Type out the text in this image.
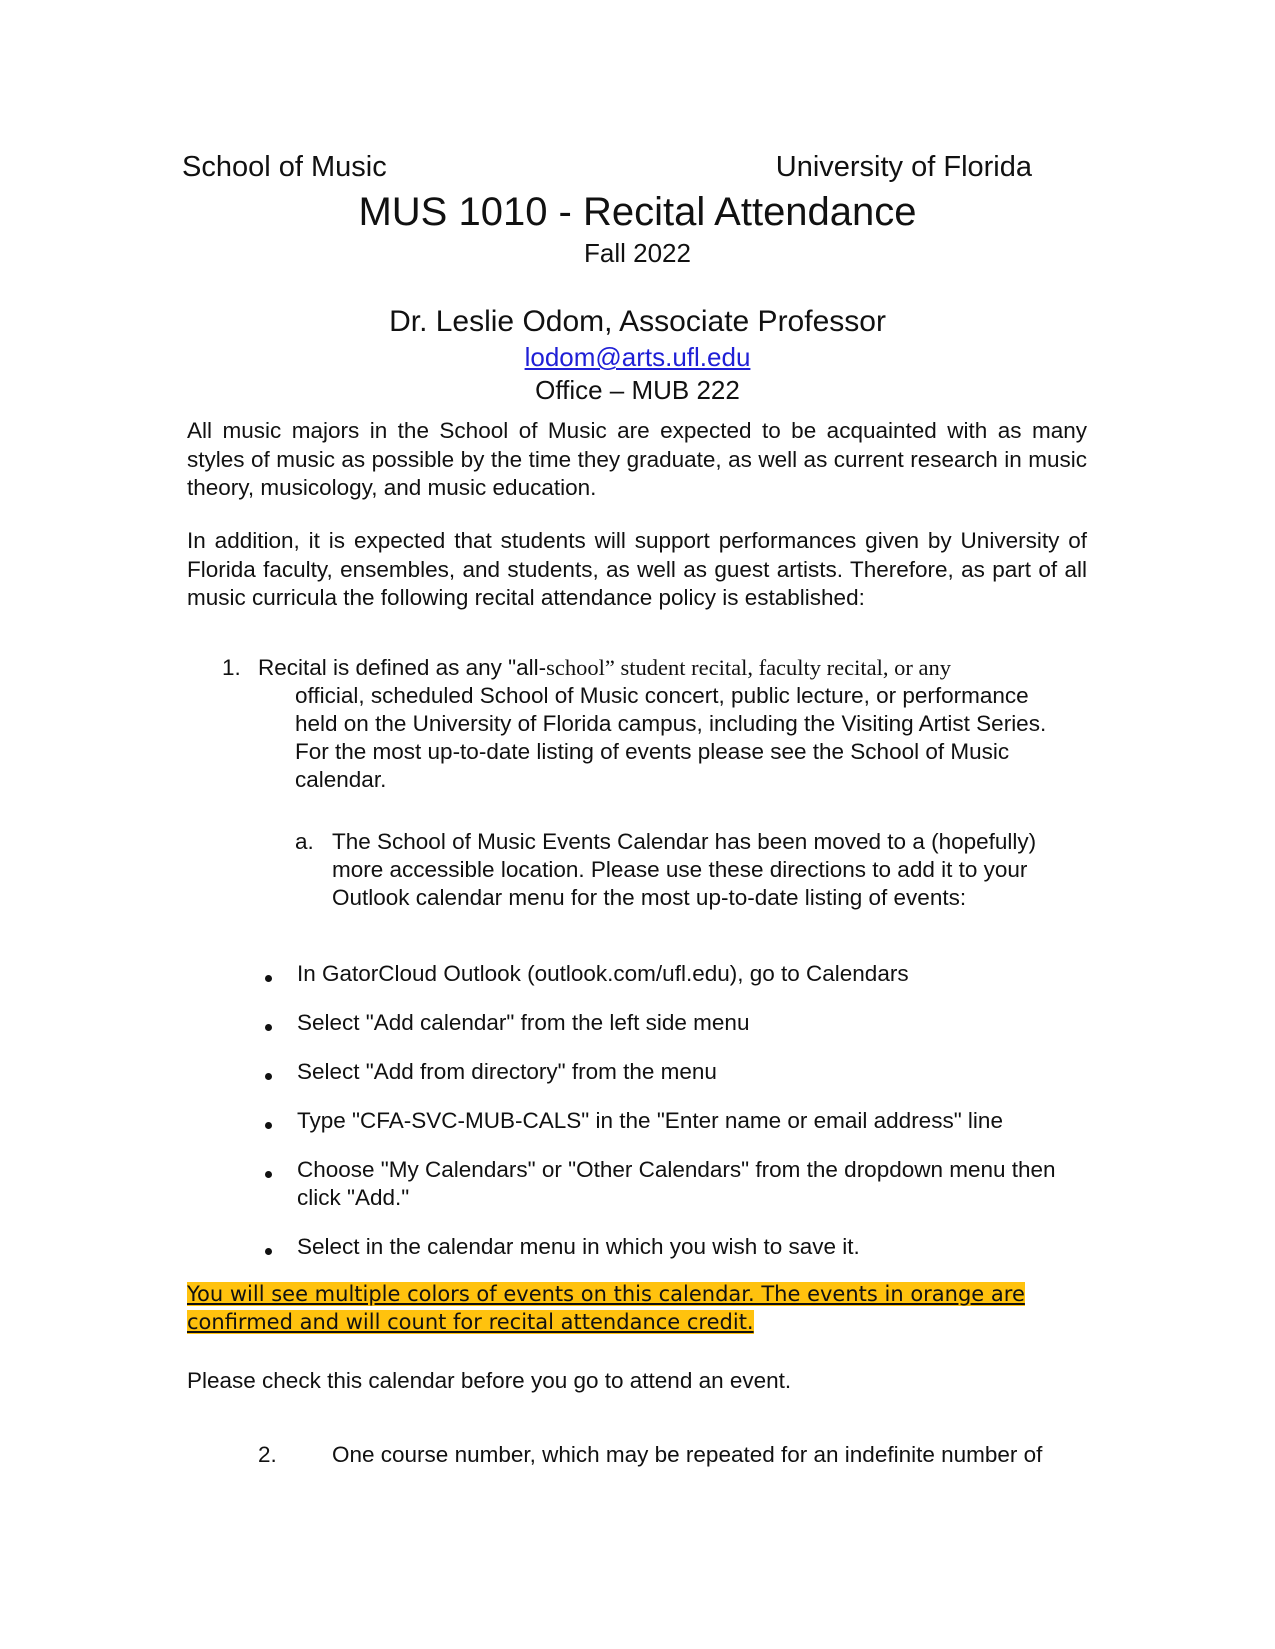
School of Music	University of Florida
MUS 1010 - Recital Attendance
Fall 2022
Dr. Leslie Odom, Associate Professor
lodom@arts.ufl.edu
Office – MUB 222
All music majors in the School of Music are expected to be acquainted with as many
styles of music as possible by the time they graduate, as well as current research in music
theory, musicology, and music education.
In addition, it is expected that students will support performances given by University of
Florida faculty, ensembles, and students, as well as guest artists. Therefore, as part of all
music curricula the following recital attendance policy is established:
1. Recital is defined as any "all-school” student recital, faculty recital, or any
official, scheduled School of Music concert, public lecture, or performance
held on the University of Florida campus, including the Visiting Artist Series.
For the most up-to-date listing of events please see the School of Music
calendar.
a. The School of Music Events Calendar has been moved to a (hopefully)
more accessible location. Please use these directions to add it to your
Outlook calendar menu for the most up-to-date listing of events:
In GatorCloud Outlook (outlook.com/ufl.edu), go to Calendars
Select "Add calendar" from the left side menu
Select "Add from directory" from the menu
Type "CFA-SVC-MUB-CALS" in the "Enter name or email address" line
Choose "My Calendars" or "Other Calendars" from the dropdown menu then
click "Add."
Select in the calendar menu in which you wish to save it.
You will see multiple colors of events on this calendar. The events in orange are
confirmed and will count for recital attendance credit.
Please check this calendar before you go to attend an event.
2. One course number, which may be repeated for an indefinite number of
